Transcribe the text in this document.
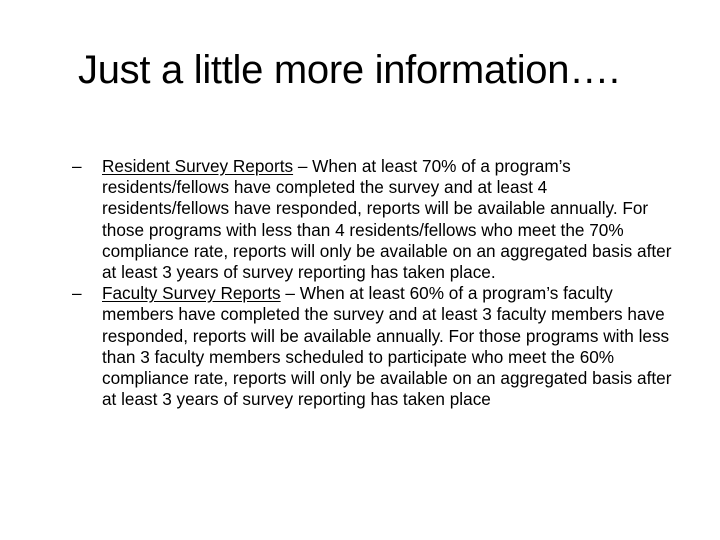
Just a little more information….
–	Resident Survey Reports – When at least 70% of a program’s residents/fellows have completed the survey and at least 4 residents/fellows have responded, reports will be available annually. For those programs with less than 4 residents/fellows who meet the 70% compliance rate, reports will only be available on an aggregated basis after at least 3 years of survey reporting has taken place.
–	Faculty Survey Reports – When at least 60% of a program’s faculty members have completed the survey and at least 3 faculty members have responded, reports will be available annually. For those programs with less than 3 faculty members scheduled to participate who meet the 60% compliance rate, reports will only be available on an aggregated basis after at least 3 years of survey reporting has taken place
